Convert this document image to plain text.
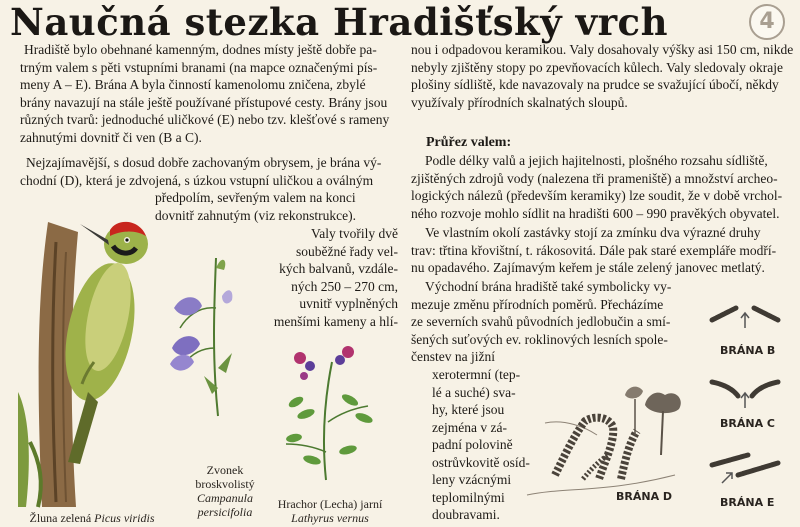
Naučná stezka Hradišťský vrch	4
Hradiště bylo obehnané kamenným, dodnes místy ještě dobře pa-
trným valem s pěti vstupními branami (na mapce označenými pís-
meny A – E). Brána A byla činností kamenolomu zničena, zbylé
brány navazují na stále ještě používané přístupové cesty. Brány jsou
různých tvarů: jednoduché uličkové (E) nebo tzv. klešťové s rameny
zahnutými dovnitř či ven (B a C).
Nejzajímavější, s dosud dobře zachovaným obrysem, je brána vý-
chodní (D), která je zdvojená, s úzkou vstupní uličkou a oválným
předpolím, sevřeným valem na konci
dovnitř zahnutým (viz rekonstrukce).
Valy tvořily dvě
souběžné řady vel-
kých balvanů, vzdále-
ných 250 – 270 cm,
uvnitř vyplněných
menšími kameny a hlí-
nou i odpadovou keramikou. Valy dosahovaly výšky asi 150 cm, nikde
nebyly zjištěny stopy po zpevňovacích kůlech. Valy sledovaly okraje
plošiny sídliště, kde navazovaly na prudce se svažující úbočí, někdy
využívaly přírodních skalnatých sloupů.
Průřez valem:
Podle délky valů a jejich hajitelnosti, plošného rozsahu sídliště,
zjištěných zdrojů vody (nalezena tři prameniště) a množství archeo-
logických nálezů (především keramiky) lze soudit, že v době vrchol-
ného rozvoje mohlo sídlit na hradišti 600 – 990 pravěkých obyvatel.
Ve vlastním okolí zastávky stojí za zmínku dva výrazné druhy
trav: třtina křovištní, t. rákosovitá. Dále pak staré exempláře modří-
nu opadavého. Zajímavým keřem je stále zelený janovec metlatý.
Východní brána hradiště také symbolicky vy-
mezuje změnu přírodních poměrů. Přecházíme
ze severních svahů původních jedlobučin a smí-
šených suťových ev. roklinových lesních spole-
čenstev na jižní
xerotermní (tep-
lé a suché) sva-
hy, které jsou
zejména v zá-
padní polovině
ostrůvkovitě osíd-
leny vzácnými
teplomilnými
doubravami.
Žluna zelená Picus viridis
Zvonek
broskvolistý
Campanula
persicifolia
Hrachor (Lecha) jarní
Lathyrus vernus
BRÁNA D
BRÁNA B
BRÁNA C
BRÁNA E
